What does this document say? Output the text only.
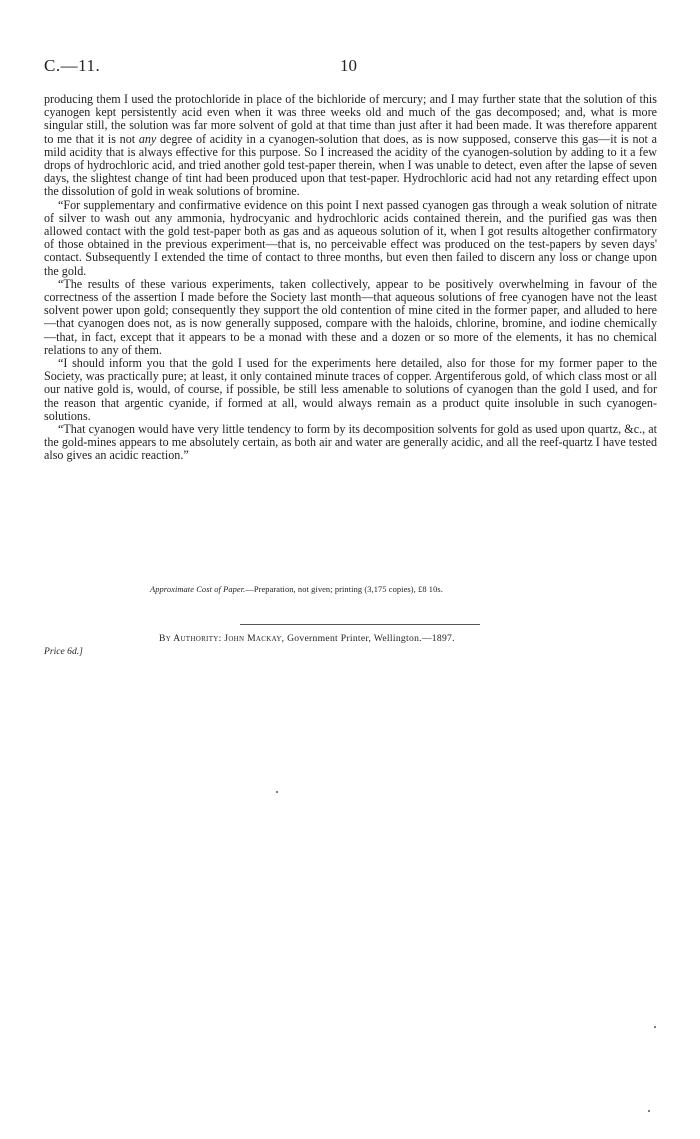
C.—11.	10

producing them I used the protochloride in place of the bichloride of mercury; and I may further state that the solution of this cyanogen kept persistently acid even when it was three weeks old and much of the gas decomposed; and, what is more singular still, the solution was far more solvent of gold at that time than just after it had been made. It was therefore apparent to me that it is not any degree of acidity in a cyanogen-solution that does, as is now supposed, conserve this gas—it is not a mild acidity that is always effective for this purpose. So I increased the acidity of the cyanogen-solution by adding to it a few drops of hydrochloric acid, and tried another gold test-paper therein, when I was unable to detect, even after the lapse of seven days, the slightest change of tint had been produced upon that test-paper. Hydrochloric acid had not any retarding effect upon the dissolution of gold in weak solutions of bromine.

“For supplementary and confirmative evidence on this point I next passed cyanogen gas through a weak solution of nitrate of silver to wash out any ammonia, hydrocyanic and hydrochloric acids contained therein, and the purified gas was then allowed contact with the gold test-paper both as gas and as aqueous solution of it, when I got results altogether confirmatory of those obtained in the previous experiment—that is, no perceivable effect was produced on the test-papers by seven days' contact. Subsequently I extended the time of contact to three months, but even then failed to discern any loss or change upon the gold.

“The results of these various experiments, taken collectively, appear to be positively overwhelming in favour of the correctness of the assertion I made before the Society last month—that aqueous solutions of free cyanogen have not the least solvent power upon gold; consequently they support the old contention of mine cited in the former paper, and alluded to here—that cyanogen does not, as is now generally supposed, compare with the haloids, chlorine, bromine, and iodine chemically—that, in fact, except that it appears to be a monad with these and a dozen or so more of the elements, it has no chemical relations to any of them.

“I should inform you that the gold I used for the experiments here detailed, also for those for my former paper to the Society, was practically pure; at least, it only contained minute traces of copper. Argentiferous gold, of which class most or all our native gold is, would, of course, if possible, be still less amenable to solutions of cyanogen than the gold I used, and for the reason that argentic cyanide, if formed at all, would always remain as a product quite insoluble in such cyanogen-solutions.

“That cyanogen would have very little tendency to form by its decomposition solvents for gold as used upon quartz, &c., at the gold-mines appears to me absolutely certain, as both air and water are generally acidic, and all the reef-quartz I have tested also gives an acidic reaction.”

Approximate Cost of Paper.—Preparation, not given; printing (3,175 copies), £8 10s.
By Authority: John Mackay, Government Printer, Wellington.—1897.
Price 6d.]
